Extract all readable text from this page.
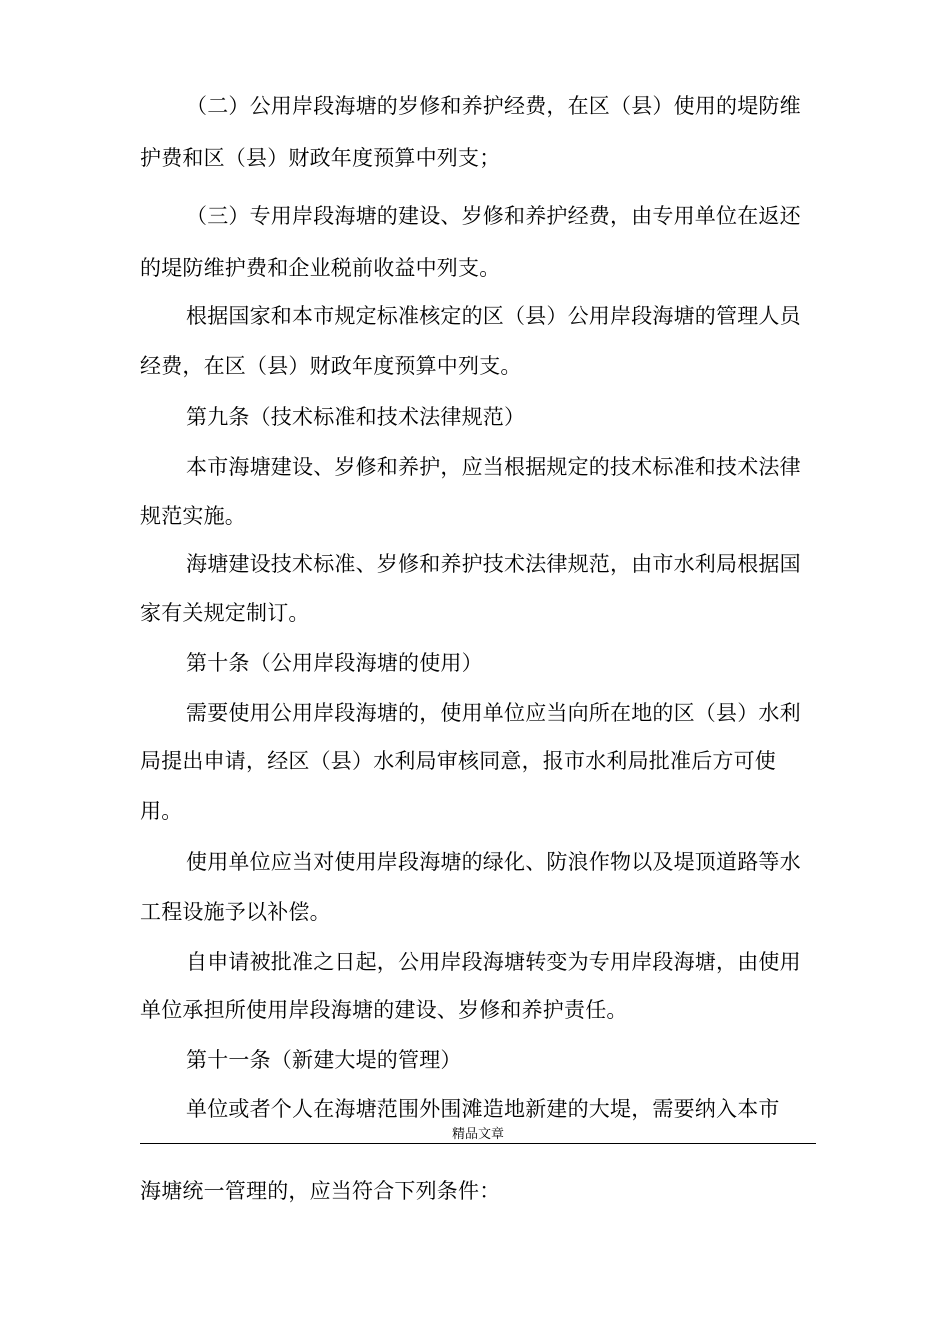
（二）公用岸段海塘的岁修和养护经费，在区（县）使用的堤防维
护费和区（县）财政年度预算中列支；
（三）专用岸段海塘的建设、岁修和养护经费，由专用单位在返还
的堤防维护费和企业税前收益中列支。
根据国家和本市规定标准核定的区（县）公用岸段海塘的管理人员
经费，在区（县）财政年度预算中列支。
第九条（技术标准和技术法律规范）
本市海塘建设、岁修和养护，应当根据规定的技术标准和技术法律
规范实施。
海塘建设技术标准、岁修和养护技术法律规范，由市水利局根据国
家有关规定制订。
第十条（公用岸段海塘的使用）
需要使用公用岸段海塘的，使用单位应当向所在地的区（县）水利
局提出申请，经区（县）水利局审核同意，报市水利局批准后方可使
用。
使用单位应当对使用岸段海塘的绿化、防浪作物以及堤顶道路等水
工程设施予以补偿。
自申请被批准之日起，公用岸段海塘转变为专用岸段海塘，由使用
单位承担所使用岸段海塘的建设、岁修和养护责任。
第十一条（新建大堤的管理）
单位或者个人在海塘范围外围滩造地新建的大堤，需要纳入本市
精品文章
海塘统一管理的，应当符合下列条件：
